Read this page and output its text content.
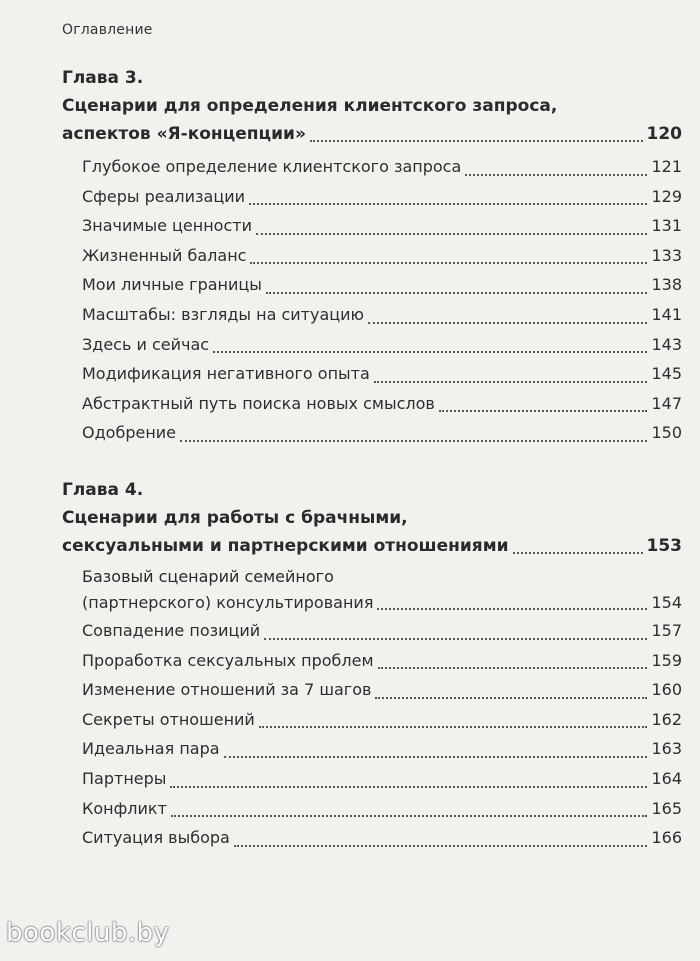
Оглавление
Глава 3.
Сценарии для определения клиентского запроса,
аспектов «Я-концепции»	120
Глубокое определение клиентского запроса	121
Сферы реализации	129
Значимые ценности	131
Жизненный баланс	133
Мои личные границы	138
Масштабы: взгляды на ситуацию	141
Здесь и сейчас	143
Модификация негативного опыта	145
Абстрактный путь поиска новых смыслов	147
Одобрение	150
Глава 4.
Сценарии для работы с брачными,
сексуальными и партнерскими отношениями	153
Базовый сценарий семейного
(партнерского) консультирования	154
Совпадение позиций	157
Проработка сексуальных проблем	159
Изменение отношений за 7 шагов	160
Секреты отношений	162
Идеальная пара	163
Партнеры	164
Конфликт	165
Ситуация выбора	166
bookclub.by
